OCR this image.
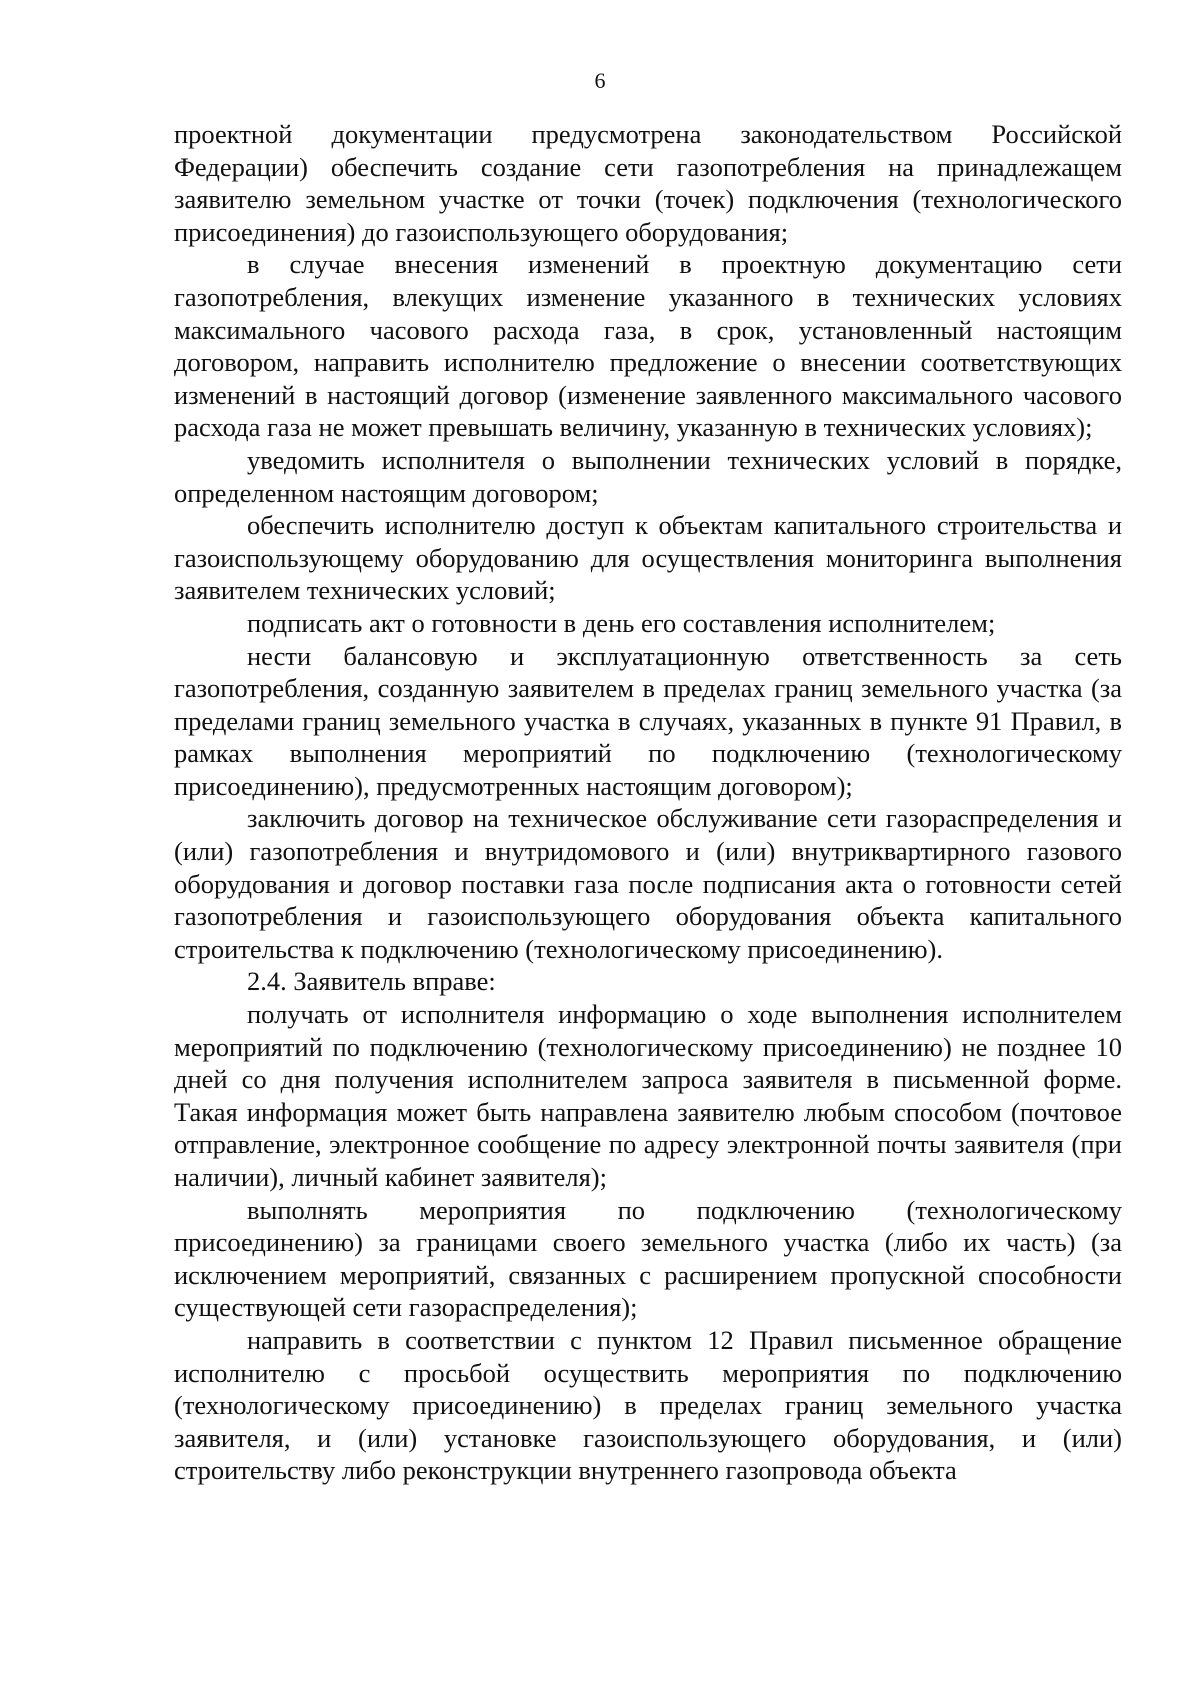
6

проектной документации предусмотрена законодательством Российской Федерации) обеспечить создание сети газопотребления на принадлежащем заявителю земельном участке от точки (точек) подключения (технологического присоединения) до газоиспользующего оборудования;

в случае внесения изменений в проектную документацию сети газопотребления, влекущих изменение указанного в технических условиях максимального часового расхода газа, в срок, установленный настоящим договором, направить исполнителю предложение о внесении соответствующих изменений в настоящий договор (изменение заявленного максимального часового расхода газа не может превышать величину, указанную в технических условиях);

уведомить исполнителя о выполнении технических условий в порядке, определенном настоящим договором;

обеспечить исполнителю доступ к объектам капитального строительства и газоиспользующему оборудованию для осуществления мониторинга выполнения заявителем технических условий;

подписать акт о готовности в день его составления исполнителем;

нести балансовую и эксплуатационную ответственность за сеть газопотребления, созданную заявителем в пределах границ земельного участка (за пределами границ земельного участка в случаях, указанных в пункте 91 Правил, в рамках выполнения мероприятий по подключению (технологическому присоединению), предусмотренных настоящим договором);

заключить договор на техническое обслуживание сети газораспределения и (или) газопотребления и внутридомового и (или) внутриквартирного газового оборудования и договор поставки газа после подписания акта о готовности сетей газопотребления и газоиспользующего оборудования объекта капитального строительства к подключению (технологическому присоединению).

2.4. Заявитель вправе:

получать от исполнителя информацию о ходе выполнения исполнителем мероприятий по подключению (технологическому присоединению) не позднее 10 дней со дня получения исполнителем запроса заявителя в письменной форме. Такая информация может быть направлена заявителю любым способом (почтовое отправление, электронное сообщение по адресу электронной почты заявителя (при наличии), личный кабинет заявителя);

выполнять мероприятия по подключению (технологическому присоединению) за границами своего земельного участка (либо их часть) (за исключением мероприятий, связанных с расширением пропускной способности существующей сети газораспределения);

направить в соответствии с пунктом 12 Правил письменное обращение исполнителю с просьбой осуществить мероприятия по подключению (технологическому присоединению) в пределах границ земельного участка заявителя, и (или) установке газоиспользующего оборудования, и (или) строительству либо реконструкции внутреннего газопровода объекта
